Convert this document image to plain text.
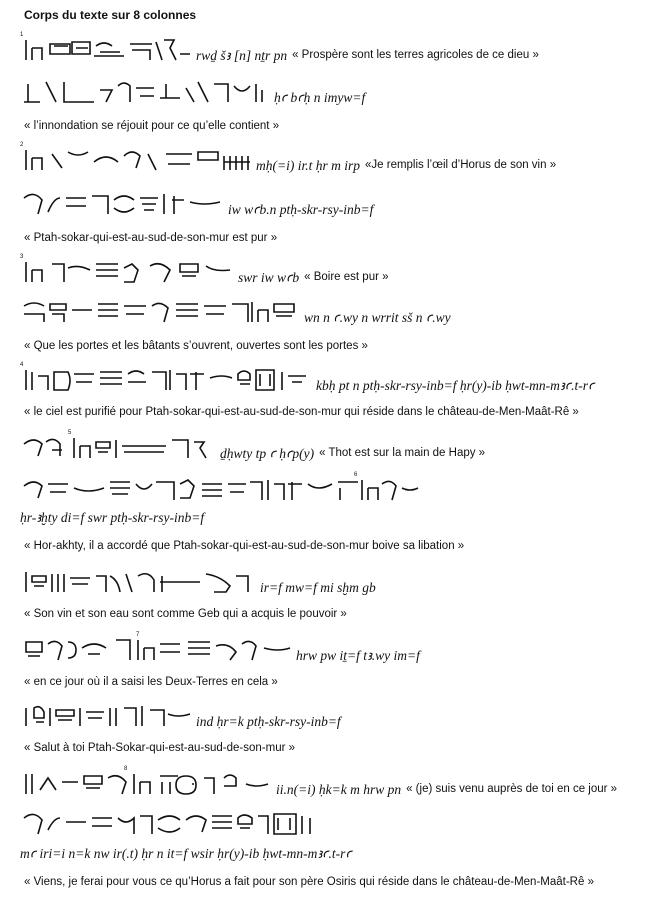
Corps du texte sur 8 colonnes
1
rwḏ šꜣ [n] nṯr pn « Prospère sont les terres agricoles de ce dieu »
ḥꜥ bꜥḥ n imyw=f
« l’innondation se réjouit pour ce qu’elle contient »
2
mḥ(=i) ir.t ḥr m irp «Je remplis l’œil d’Horus de son vin »
iw wꜥb.n ptḥ-skr-rsy-inb=f
« Ptah-sokar-qui-est-au-sud-de-son-mur est pur »
3
swr iw wꜥb « Boire est pur »
wn n ꜥ.wy n wrrit sš n ꜥ.wy
« Que les portes et les bâtants s’ouvrent, ouvertes sont les portes »
4
kbḥ pt n ptḥ-skr-rsy-inb=f ḥr(y)-ib ḥwt-mn-mꜣꜥ.t-rꜥ
« le ciel est purifié pour Ptah-sokar-qui-est-au-sud-de-son-mur qui réside dans le château-de-Men-Maât-Rê »
5
ḏḥwty tp ꜥ ḥꜥp(y) « Thot est sur la main de Hapy »
6
ḥr-ꜣḫty di=f swr ptḥ-skr-rsy-inb=f
« Hor-akhty, il a accordé que Ptah-sokar-qui-est-au-sud-de-son-mur boive sa libation »
ir=f mw=f mi sḫm gb
« Son vin et son eau sont comme Geb qui a acquis le pouvoir »
7
hrw pw iṯ=f tꜣ.wy im=f
« en ce jour où il a saisi les Deux-Terres en cela »
ind ḥr=k ptḥ-skr-rsy-inb=f
« Salut à toi Ptah-Sokar-qui-est-au-sud-de-son-mur »
8
ii.n(=i) ḥk=k m hrw pn « (je) suis venu auprès de toi en ce jour »
mꜥ iri=i n=k nw ir(.t) ḥr n it=f wsir ḥr(y)-ib ḥwt-mn-mꜣꜥ.t-rꜥ
« Viens, je ferai pour vous ce qu’Horus a fait pour son père Osiris qui réside dans le château-de-Men-Maât-Rê »
